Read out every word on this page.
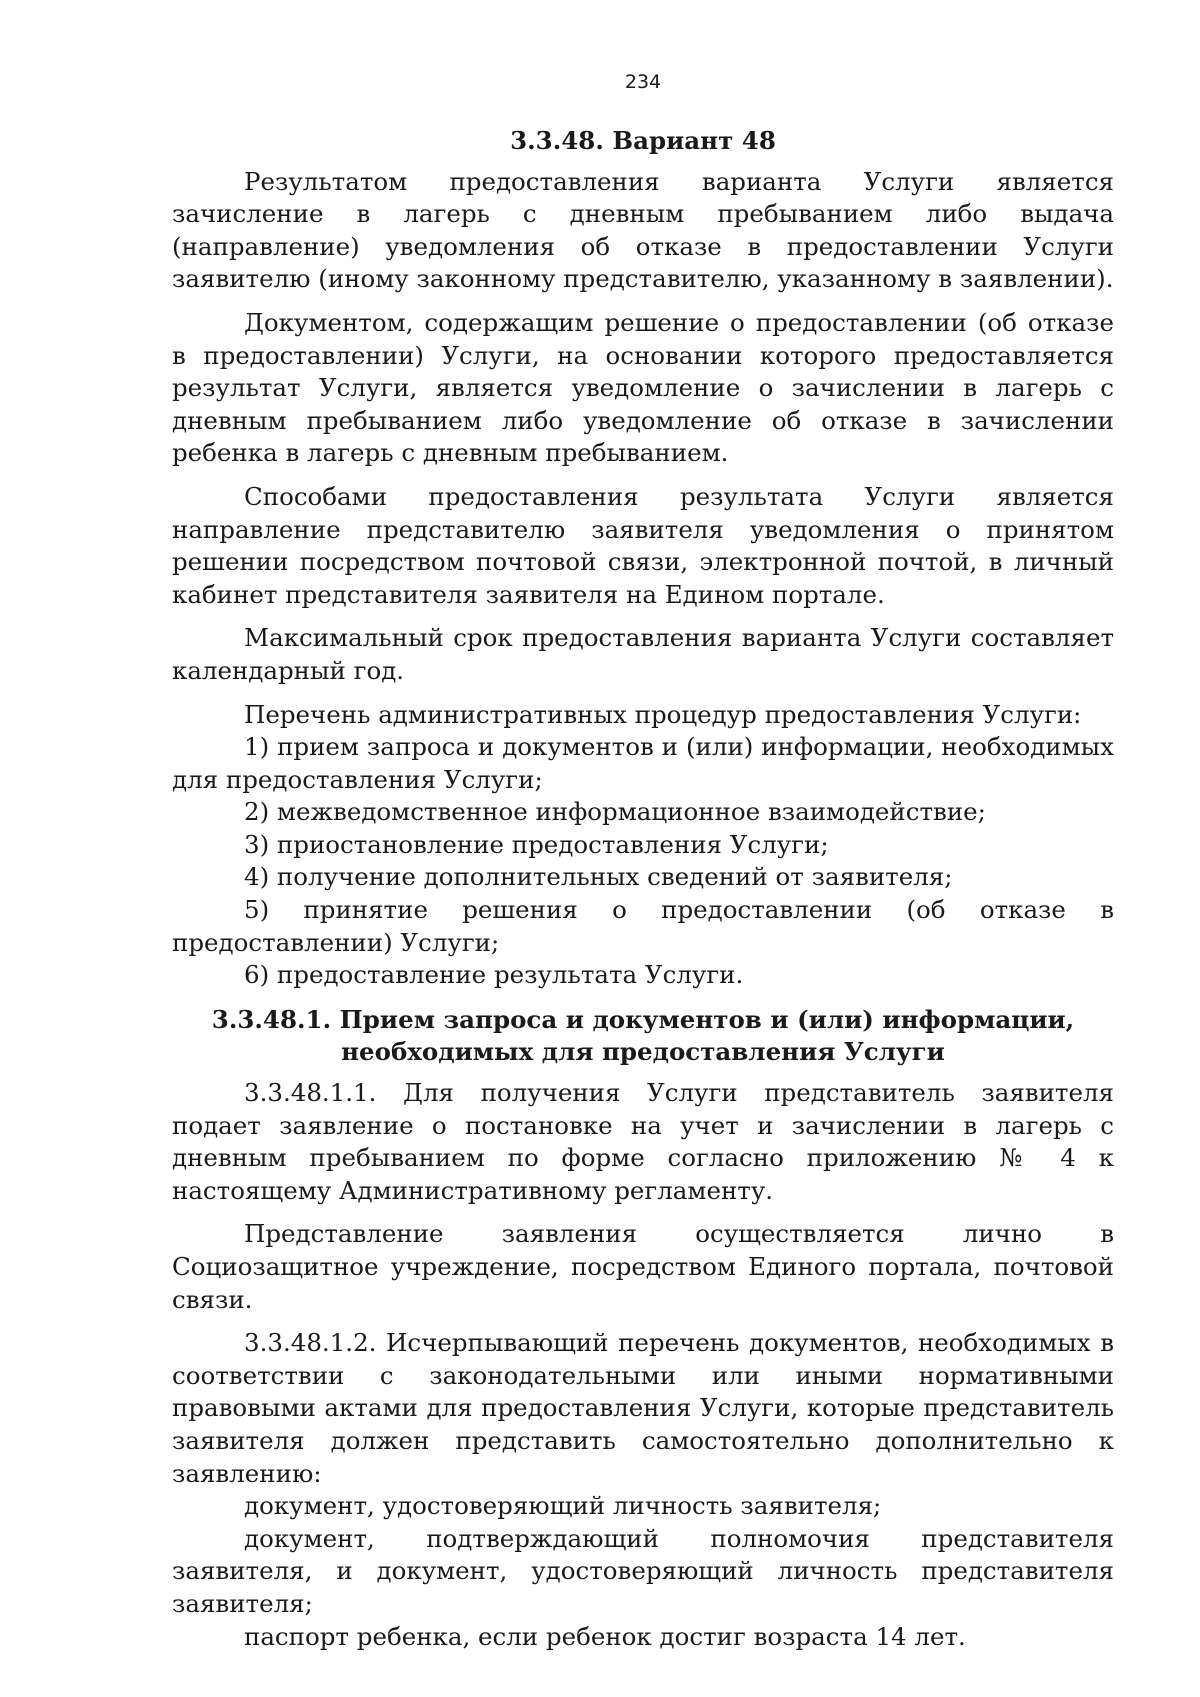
234
3.3.48. Вариант 48

Результатом предоставления варианта Услуги является зачисление в лагерь с дневным пребыванием либо выдача (направление) уведомления об отказе в предоставлении Услуги заявителю (иному законному представителю, указанному в заявлении).

Документом, содержащим решение о предоставлении (об отказе в предоставлении) Услуги, на основании которого предоставляется результат Услуги, является уведомление о зачислении в лагерь с дневным пребыванием либо уведомление об отказе в зачислении ребенка в лагерь с дневным пребыванием.

Способами предоставления результата Услуги является направление представителю заявителя уведомления о принятом решении посредством почтовой связи, электронной почтой, в личный кабинет представителя заявителя на Едином портале.

Максимальный срок предоставления варианта Услуги составляет календарный год.

Перечень административных процедур предоставления Услуги:

1) прием запроса и документов и (или) информации, необходимых для предоставления Услуги;

2) межведомственное информационное взаимодействие;

3) приостановление предоставления Услуги;

4) получение дополнительных сведений от заявителя;

5) принятие решения о предоставлении (об отказе в предоставлении) Услуги;

6) предоставление результата Услуги.

3.3.48.1. Прием запроса и документов и (или) информации, необходимых для предоставления Услуги

3.3.48.1.1. Для получения Услуги представитель заявителя подает заявление о постановке на учет и зачислении в лагерь с дневным пребыванием по форме согласно приложению № 4 к настоящему Административному регламенту.

Представление заявления осуществляется лично в Социозащитное учреждение, посредством Единого портала, почтовой связи.

3.3.48.1.2. Исчерпывающий перечень документов, необходимых в соответствии с законодательными или иными нормативными правовыми актами для предоставления Услуги, которые представитель заявителя должен представить самостоятельно дополнительно к заявлению:

документ, удостоверяющий личность заявителя;

документ, подтверждающий полномочия представителя заявителя, и документ, удостоверяющий личность представителя заявителя;

паспорт ребенка, если ребенок достиг возраста 14 лет.
